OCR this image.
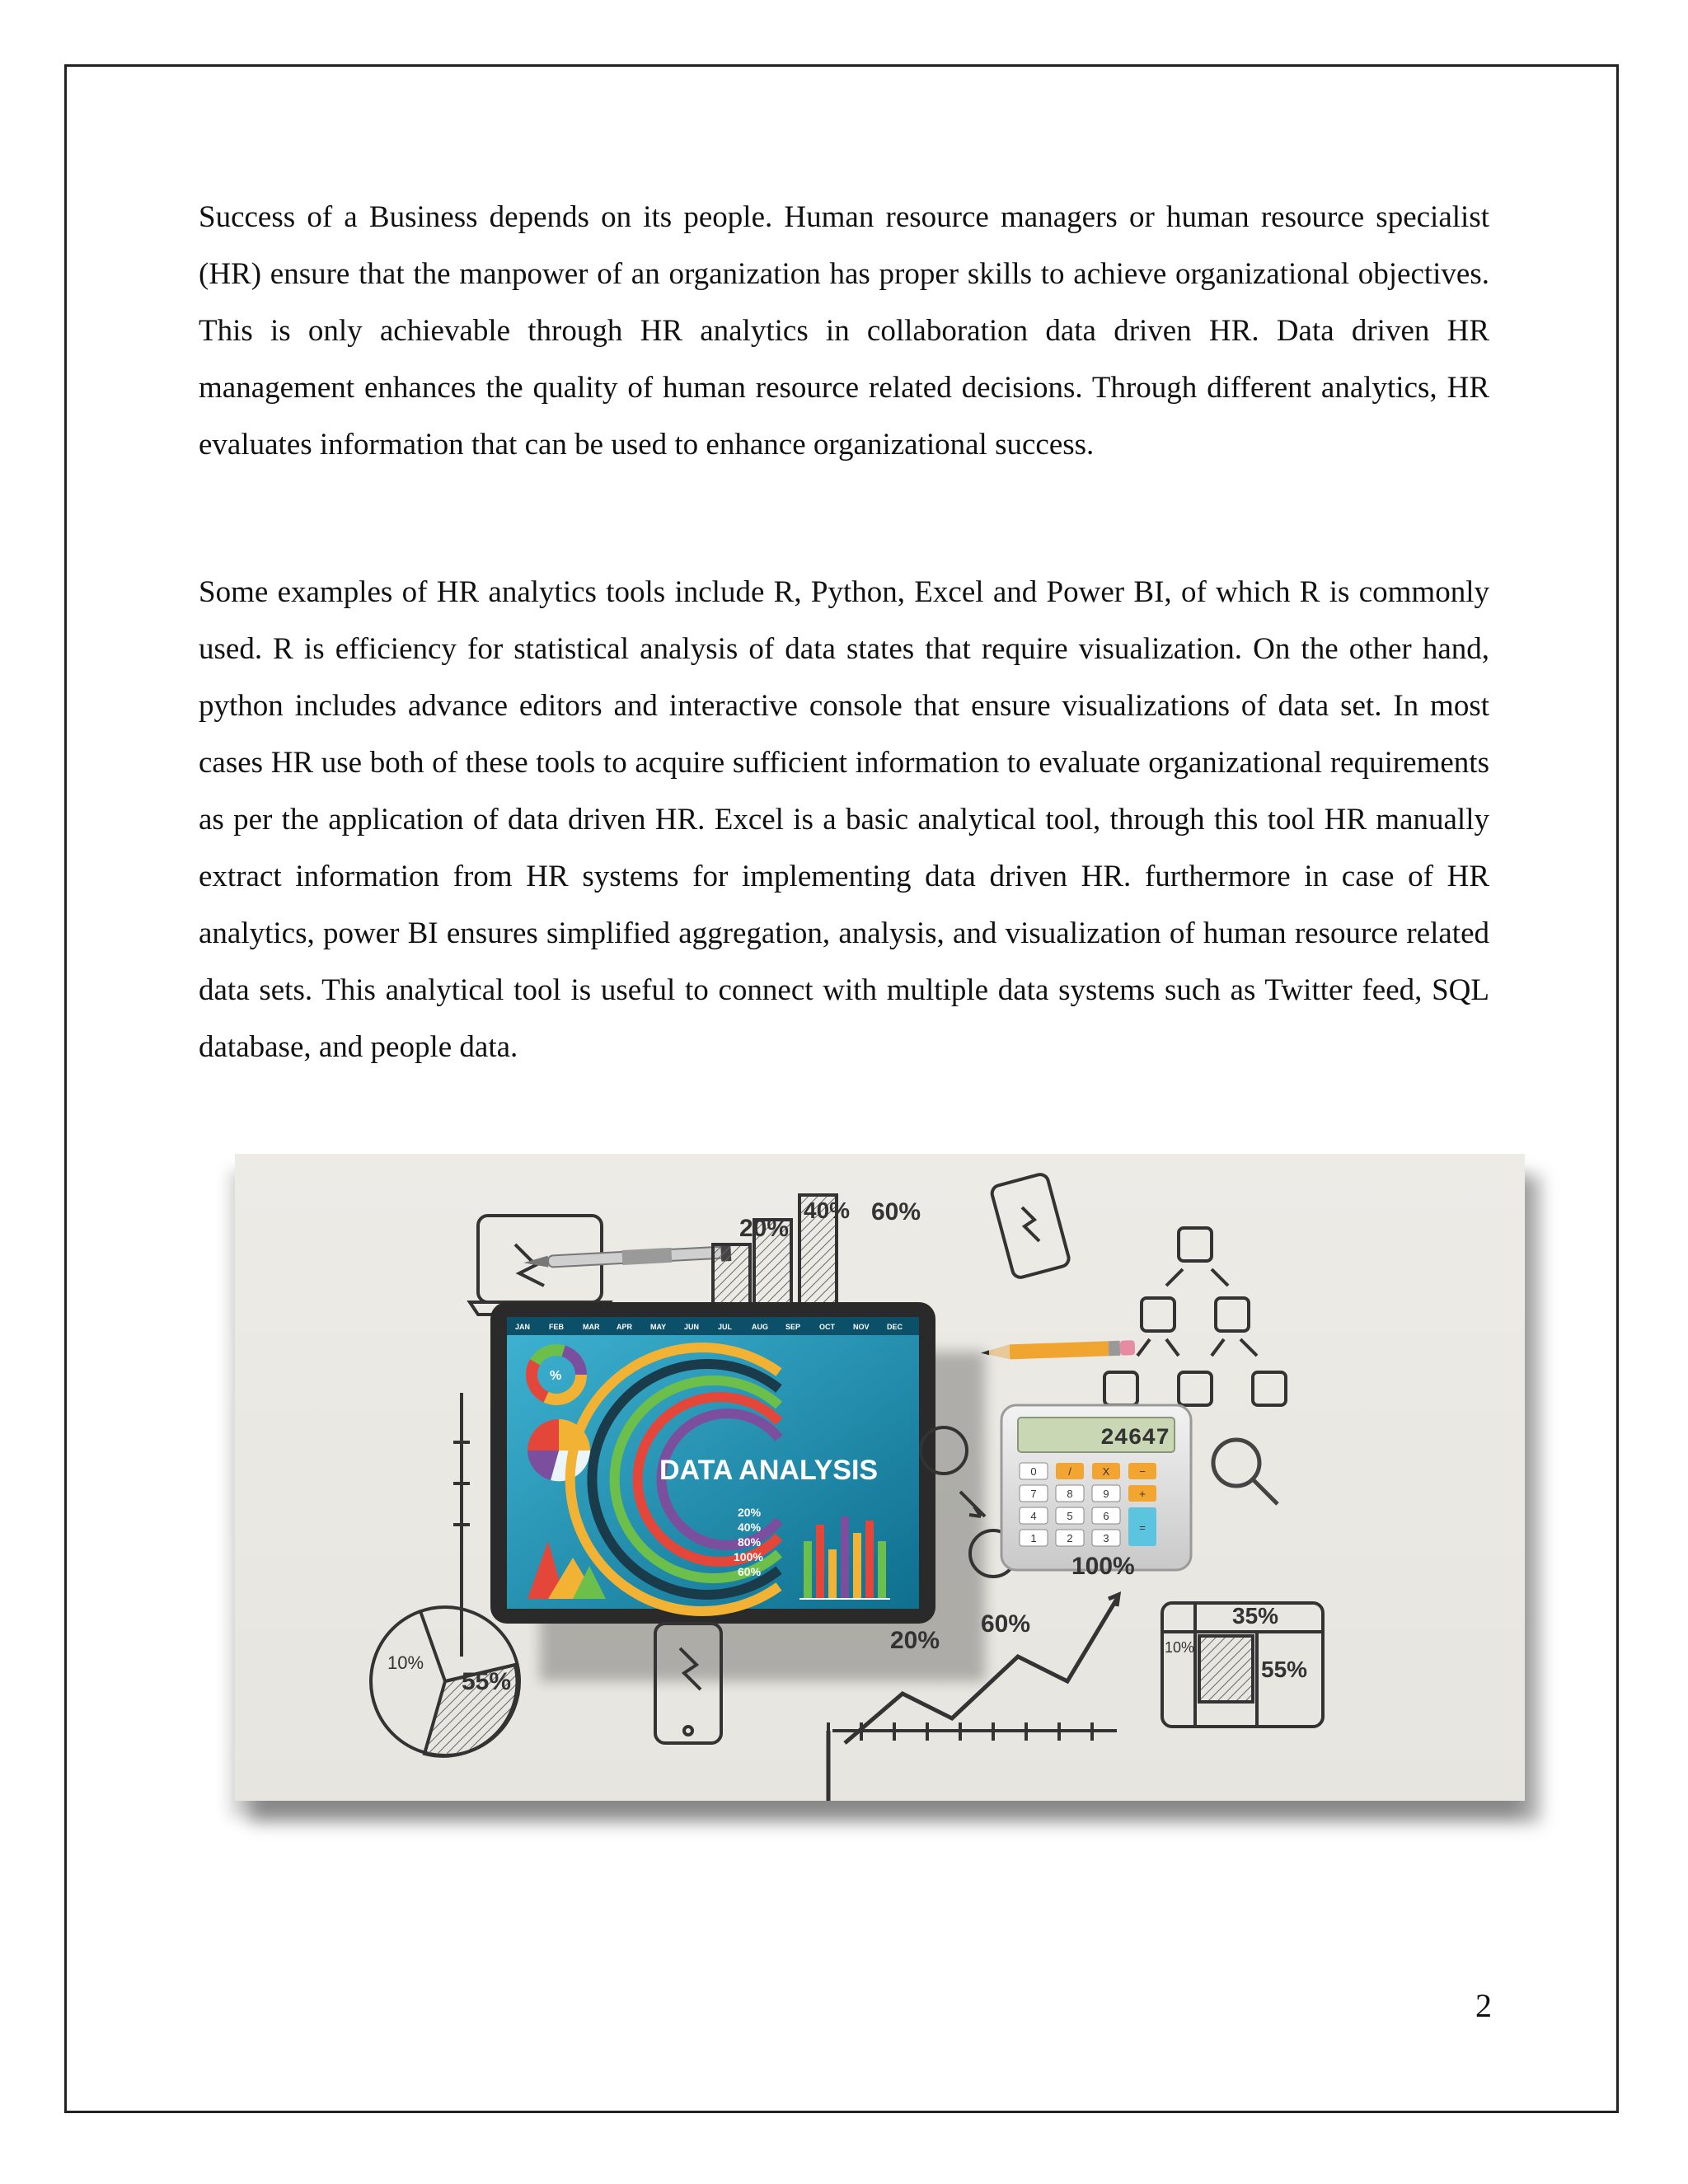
Success of a Business depends on its people. Human resource managers or human resource specialist (HR) ensure that the manpower of an organization has proper skills to achieve organizational objectives. This is only achievable through HR analytics in collaboration data driven HR. Data driven HR management enhances the quality of human resource related decisions. Through different analytics, HR evaluates information that can be used to enhance organizational success.

Some examples of HR analytics tools include R, Python, Excel and Power BI, of which R is commonly used. R is efficiency for statistical analysis of data states that require visualization. On the other hand, python includes advance editors and interactive console that ensure visualizations of data set. In most cases HR use both of these tools to acquire sufficient information to evaluate organizational requirements as per the application of data driven HR. Excel is a basic analytical tool, through this tool HR manually extract information from HR systems for implementing data driven HR. furthermore in case of HR analytics, power BI ensures simplified aggregation, analysis, and visualization of human resource related data sets. This analytical tool is useful to connect with multiple data systems such as Twitter feed, SQL database, and people data.

20%
40% 60%
JAN	FEB	MAR APR MAY JUN	JUL	AUG SEP	OCT NOV DEC
%
DATA ANALYSIS
20%
40%
80%
100%
60%
24647
0	/	X	−
7	8	9	+
4	5	6
1	2	3
=
20%
60%
100%
10%
55%
35%
10%
55%
2
